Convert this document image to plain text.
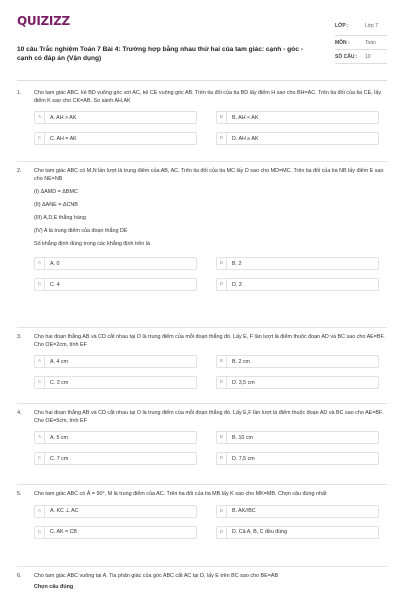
QUIZIZZ
10 câu Trắc nghiệm Toán 7 Bài 4: Trường hợp bằng nhau thứ hai của tam giác: cạnh - góc - cạnh có đáp án (Vận dụng)
LỚP :	Lớp 7
MÔN :	Toán
SỐ CÂU :	10
1. Cho tam giác ABC, kẻ BD vuông góc với AC, kẻ CE vuông góc AB. Trên tia đối của tia BD lấy điểm H sao cho BH=AC. Trên tia đối của tia CE, lấy điểm K sao cho CK=AB. So sánh AH,AK
A	A. AH > AK	B	B. AH < AK
C	C. AH = AK	D	D. AH ≥ AK
2. Cho tam giác ABC có M,N lần lượt là trung điểm của AB, AC. Trên tia đối của tia MC lấy D sao cho MD=MC. Trên tia đối của tia NB lấy điểm E sao cho NE=NB
(I) ΔAMD = ΔBMC
(II) ΔANE = ΔCNB
(III) A,D,E thẳng hàng
(IV) A là trung điểm của đoạn thẳng DE
Số khẳng định đúng trong các khẳng định trên là
A	A. 0	B	B. 2
C	C. 4	D	D. 3
3. Cho hai đoạn thẳng AB và CD cắt nhau tại O là trung điểm của mỗi đoạn thẳng đó. Lấy E, F lần lượt là điểm thuộc đoạn AD và BC sao cho AE=BF. Cho OE=2cm, tính EF
A	A. 4 cm	B	B. 2 cm
C	C. 3 cm	D	D. 3,5 cm
4. Cho hai đoạn thẳng AB và CD cắt nhau tại O là trung điểm của mỗi đoạn thẳng đó. Lấy E,F lần lượt là điểm thuộc đoạn AD và BC sao cho AE=BF. Cho OE=5cm, tính EF
A	A. 5 cm	B	B. 10 cm
C	C. 7 cm	D	D. 7,5 cm
5. Cho tam giác ABC có Â = 90°, M là trung điểm của AC. Trên tia đối của tia MB lấy K sao cho MK=MB. Chọn câu đúng nhất
A	A. KC ⊥ AC	B	B. AK//BC
C	C. AK = CB	D	D. Cả A, B, C đều đúng
6. Cho tam giác ABC vuông tại A. Tia phân giác của góc ABC cắt AC tại D, lấy E trên BC sao cho BE=AB
Chọn câu đúng
